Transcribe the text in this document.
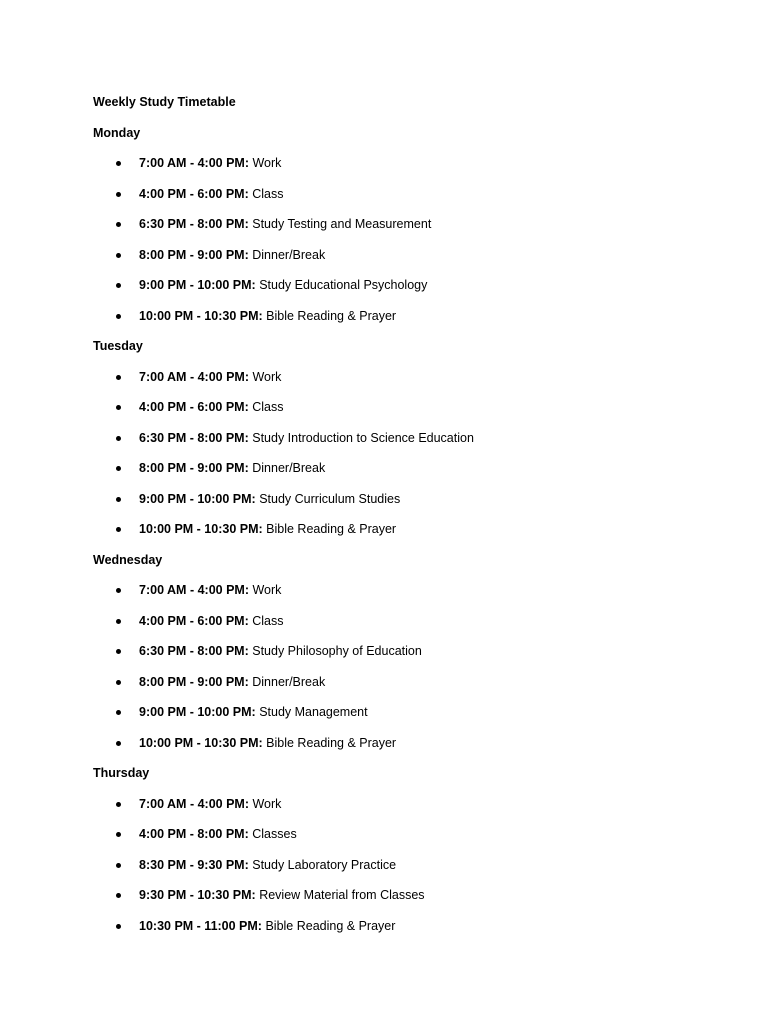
Weekly Study Timetable
Monday
7:00 AM - 4:00 PM: Work
4:00 PM - 6:00 PM: Class
6:30 PM - 8:00 PM: Study Testing and Measurement
8:00 PM - 9:00 PM: Dinner/Break
9:00 PM - 10:00 PM: Study Educational Psychology
10:00 PM - 10:30 PM: Bible Reading & Prayer
Tuesday
7:00 AM - 4:00 PM: Work
4:00 PM - 6:00 PM: Class
6:30 PM - 8:00 PM: Study Introduction to Science Education
8:00 PM - 9:00 PM: Dinner/Break
9:00 PM - 10:00 PM: Study Curriculum Studies
10:00 PM - 10:30 PM: Bible Reading & Prayer
Wednesday
7:00 AM - 4:00 PM: Work
4:00 PM - 6:00 PM: Class
6:30 PM - 8:00 PM: Study Philosophy of Education
8:00 PM - 9:00 PM: Dinner/Break
9:00 PM - 10:00 PM: Study Management
10:00 PM - 10:30 PM: Bible Reading & Prayer
Thursday
7:00 AM - 4:00 PM: Work
4:00 PM - 8:00 PM: Classes
8:30 PM - 9:30 PM: Study Laboratory Practice
9:30 PM - 10:30 PM: Review Material from Classes
10:30 PM - 11:00 PM: Bible Reading & Prayer
